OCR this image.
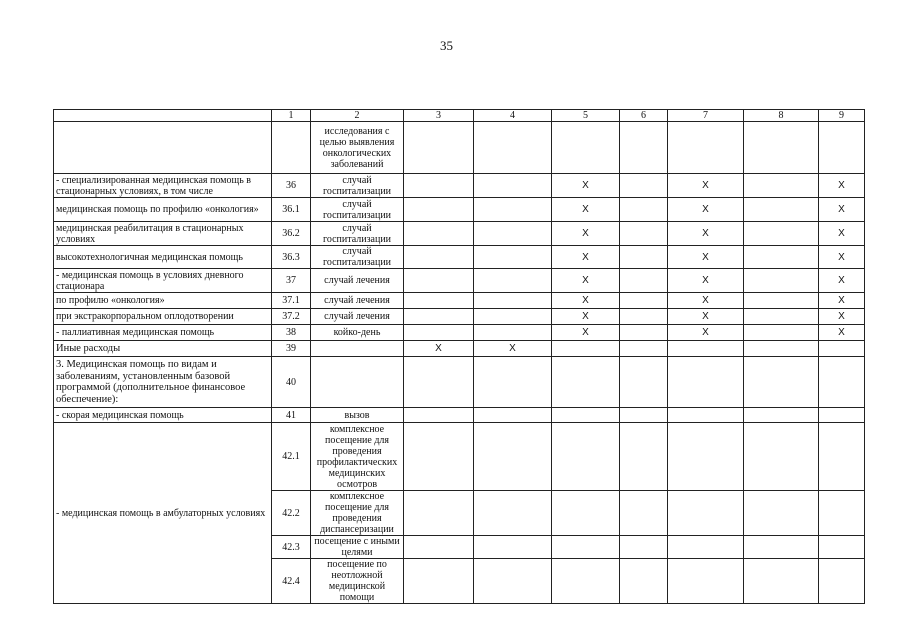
35
	1	2	3	4	5	6	7	8	9
		исследования с целью выявления онкологических заболеваний							
- специализированная медицинская помощь в стационарных условиях, в том числе	36	случай госпитализации			X		X		X
медицинская помощь по профилю «онкология»	36.1	случай госпитализации			X		X		X
медицинская реабилитация в стационарных условиях	36.2	случай госпитализации			X		X		X
высокотехнологичная медицинская помощь	36.3	случай госпитализации			X		X		X
- медицинская помощь в условиях дневного стационара	37	случай лечения			X		X		X
по профилю «онкология»	37.1	случай лечения			X		X		X
при экстракорпоральном оплодотворении	37.2	случай лечения			X		X		X
- паллиативная медицинская помощь	38	койко-день			X		X		X
Иные расходы	39		X	X					
3. Медицинская помощь по видам и заболеваниям, установленным базовой программой (дополнительное финансовое обеспечение):	40								
- скорая медицинская помощь	41	вызов							
- медицинская помощь в амбулаторных условиях	42.1	комплексное посещение для проведения профилактических медицинских осмотров							
	42.2	комплексное посещение для проведения диспансеризации							
	42.3	посещение с иными целями							
	42.4	посещение по неотложной медицинской помощи							
